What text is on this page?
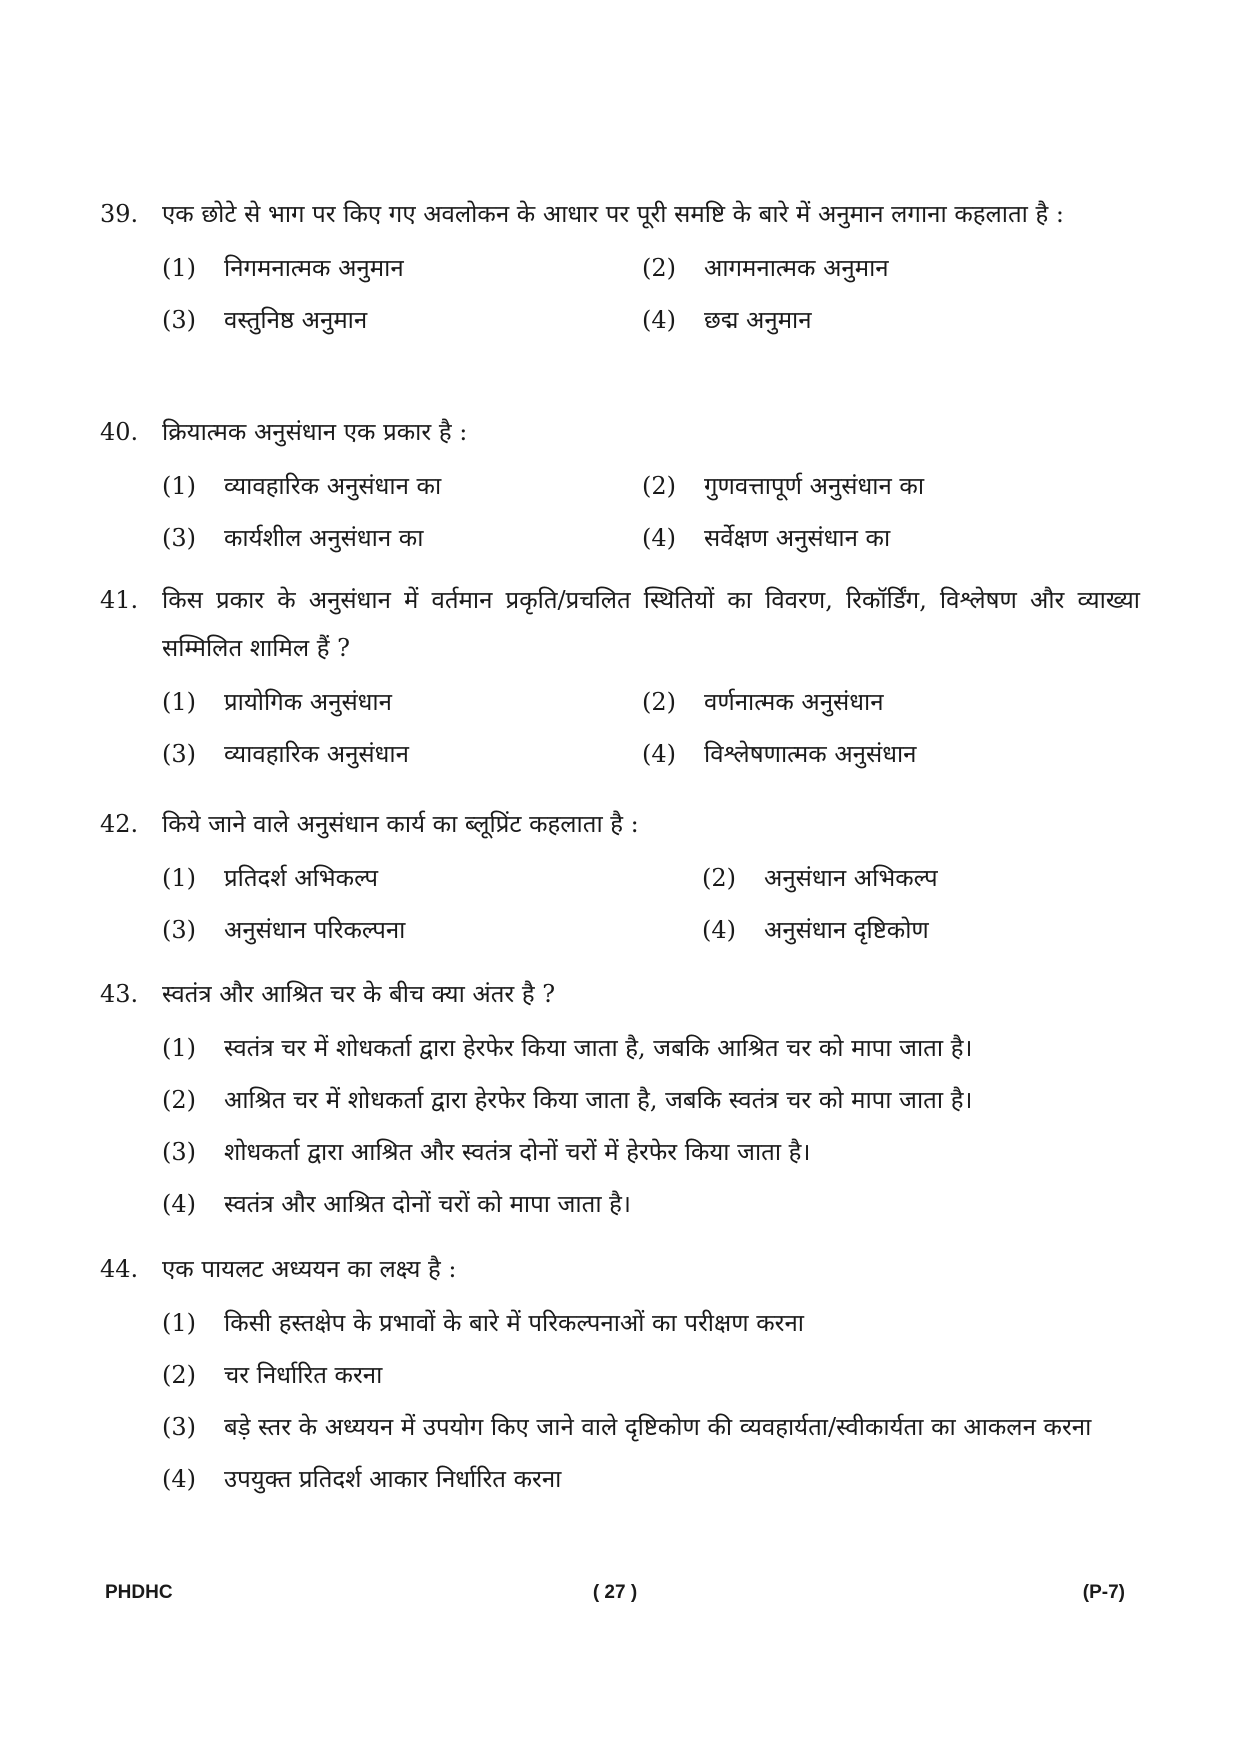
39. एक छोटे से भाग पर किए गए अवलोकन के आधार पर पूरी समष्टि के बारे में अनुमान लगाना कहलाता है :
(1)	निगमनात्मक अनुमान	(2)	आगमनात्मक अनुमान
(3)	वस्तुनिष्ठ अनुमान	(4)	छद्म अनुमान
40. क्रियात्मक अनुसंधान एक प्रकार है :
(1)	व्यावहारिक अनुसंधान का	(2)	गुणवत्तापूर्ण अनुसंधान का
(3)	कार्यशील अनुसंधान का	(4)	सर्वेक्षण अनुसंधान का
41. किस प्रकार के अनुसंधान में वर्तमान प्रकृति/प्रचलित स्थितियों का विवरण, रिकॉर्डिंग, विश्लेषण और व्याख्या सम्मिलित शामिल हैं ?
(1)	प्रायोगिक अनुसंधान	(2)	वर्णनात्मक अनुसंधान
(3)	व्यावहारिक अनुसंधान	(4)	विश्लेषणात्मक अनुसंधान
42. किये जाने वाले अनुसंधान कार्य का ब्लूप्रिंट कहलाता है :
(1)	प्रतिदर्श अभिकल्प	(2)	अनुसंधान अभिकल्प
(3)	अनुसंधान परिकल्पना	(4)	अनुसंधान दृष्टिकोण
43. स्वतंत्र और आश्रित चर के बीच क्या अंतर है ?
(1)	स्वतंत्र चर में शोधकर्ता द्वारा हेरफेर किया जाता है, जबकि आश्रित चर को मापा जाता है।
(2)	आश्रित चर में शोधकर्ता द्वारा हेरफेर किया जाता है, जबकि स्वतंत्र चर को मापा जाता है।
(3)	शोधकर्ता द्वारा आश्रित और स्वतंत्र दोनों चरों में हेरफेर किया जाता है।
(4)	स्वतंत्र और आश्रित दोनों चरों को मापा जाता है।
44. एक पायलट अध्ययन का लक्ष्य है :
(1)	किसी हस्तक्षेप के प्रभावों के बारे में परिकल्पनाओं का परीक्षण करना
(2)	चर निर्धारित करना
(3)	बड़े स्तर के अध्ययन में उपयोग किए जाने वाले दृष्टिकोण की व्यवहार्यता/स्वीकार्यता का आकलन करना
(4)	उपयुक्त प्रतिदर्श आकार निर्धारित करना
( 27 )
PHDHC	(P-7)
